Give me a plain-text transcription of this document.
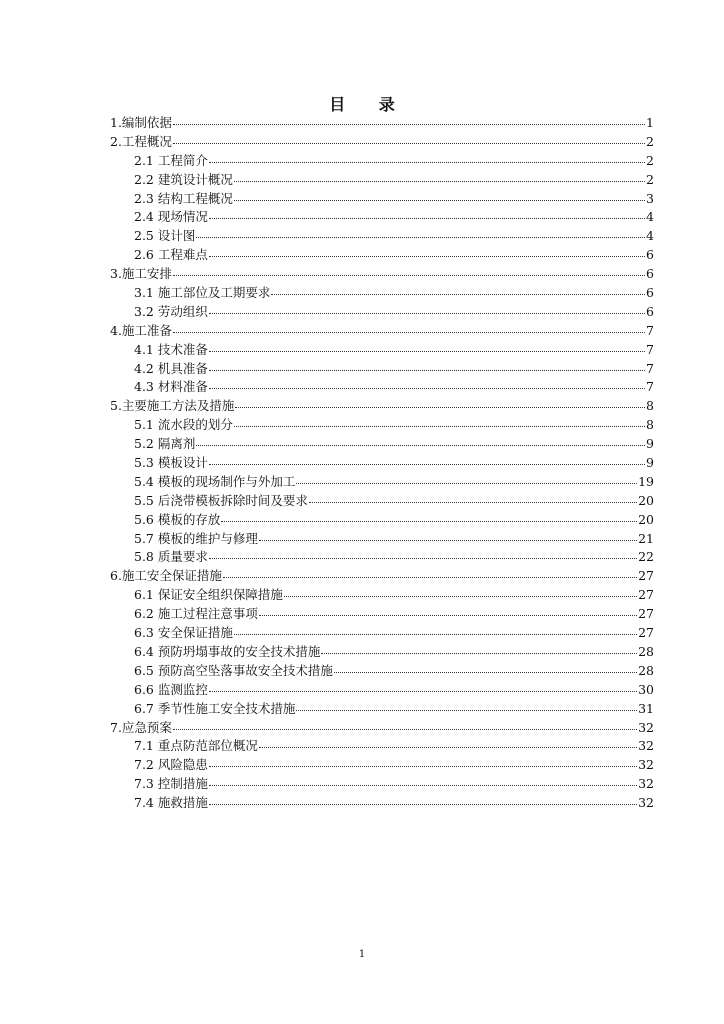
目 录
1.编制依据	1
2.工程概况	2
2.1 工程简介	2
2.2 建筑设计概况	2
2.3 结构工程概况	3
2.4 现场情况	4
2.5 设计图	4
2.6 工程难点	6
3.施工安排	6
3.1 施工部位及工期要求	6
3.2 劳动组织	6
4.施工准备	7
4.1 技术准备	7
4.2 机具准备	7
4.3 材料准备	7
5.主要施工方法及措施	8
5.1 流水段的划分	8
5.2 隔离剂	9
5.3 模板设计	9
5.4 模板的现场制作与外加工	19
5.5 后浇带模板拆除时间及要求	20
5.6 模板的存放	20
5.7 模板的维护与修理	21
5.8 质量要求	22
6.施工安全保证措施	27
6.1 保证安全组织保障措施	27
6.2 施工过程注意事项	27
6.3 安全保证措施	27
6.4 预防坍塌事故的安全技术措施	28
6.5 预防高空坠落事故安全技术措施	28
6.6 监测监控	30
6.7 季节性施工安全技术措施	31
7.应急预案	32
7.1 重点防范部位概况	32
7.2 风险隐患	32
7.3 控制措施	32
7.4 施救措施	32
1
